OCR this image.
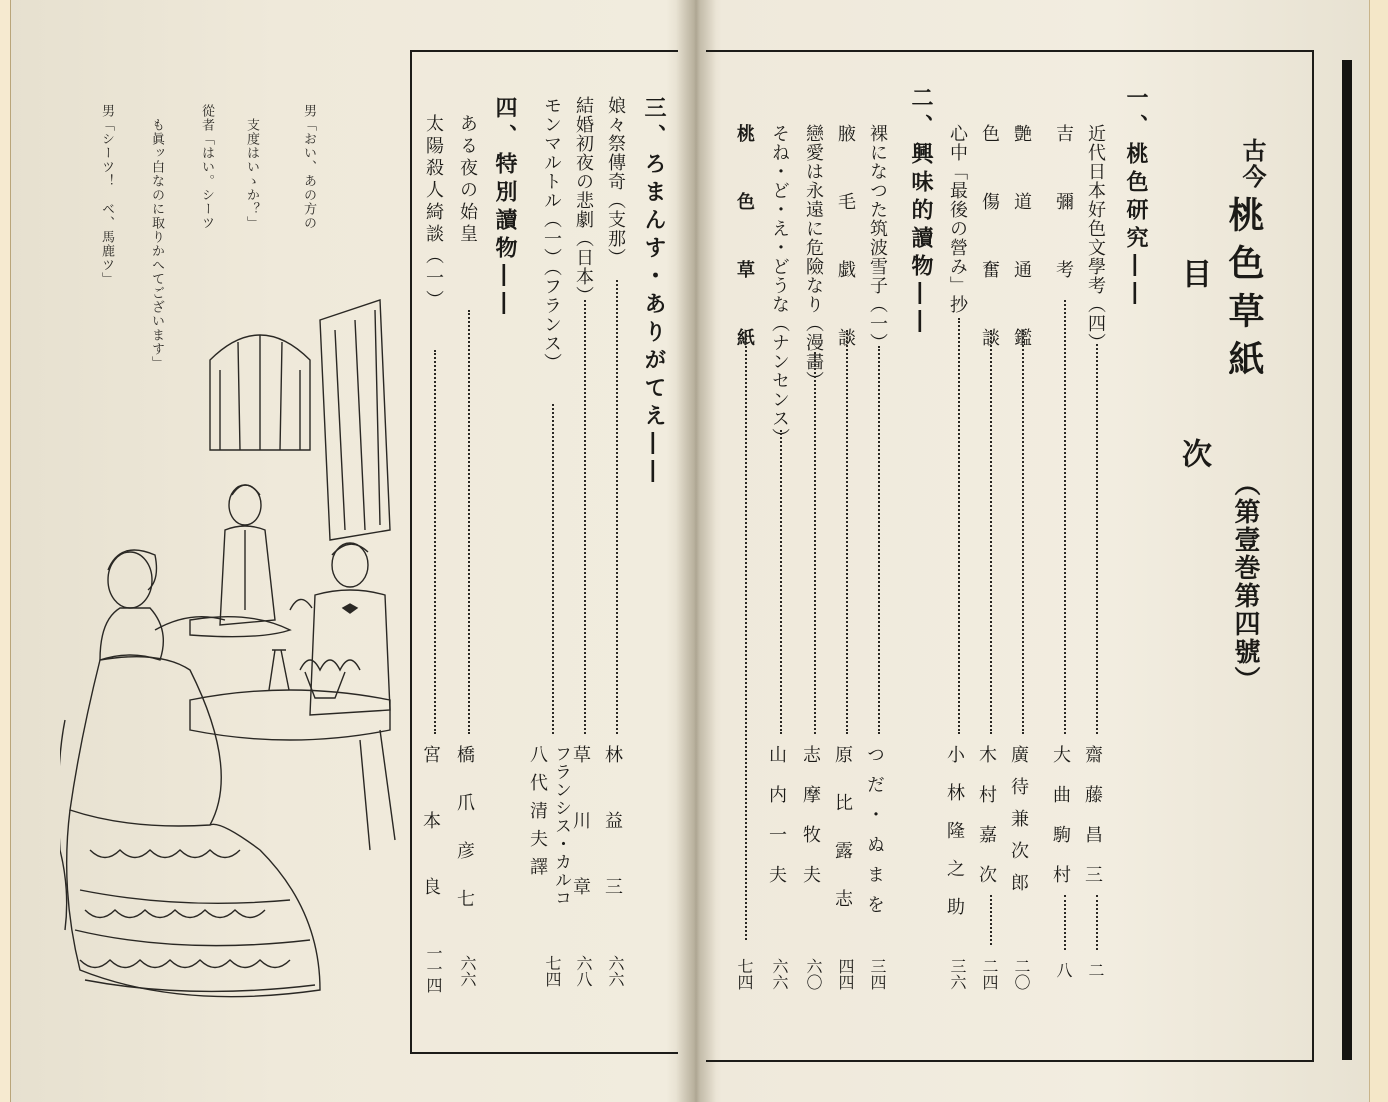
古今
桃色草紙
（第壹巻第四號）
目　次
一、桃色研究――
近代日本好色文學考（四）
齋藤昌三
二
吉　彌　考
大曲駒村
八
二、興味的讀物――	艶　道　通　鑑
廣待兼次郎
二〇
色　傷　奮　談
木村嘉次
二四
心中「最後の營み」抄
小林隆之助
三六
裸になつた筑波雪子（一）
つだ・ぬまを
三四
腋　毛　戯　談
原比露志
四四
戀愛は永遠に危險なり（漫畵）
志摩牧夫
六〇
そね・ど・え・どうな（ナンセンス）
山内一夫
六六
桃　色　草　紙
七四
三、ろまんす・ありがてえ――
娘々祭傳奇（支那）
林益三
六六
結婚初夜の悲劇（日本）
草川章
六八
モンマルトル（一）（フランス）
フランシス・カルコ
八代清夫譯
七四
四、特別讀物――
ある夜の始皇
橋爪彦七
六六
太陽殺人綺談（一）
宮本良
一一四
男「おい、あの方の
支度はいゝか？」
從者「はい。シーツ
も眞ッ白なのに取りかへてございます」
男「シーツ！　ベ、馬鹿ツ」
